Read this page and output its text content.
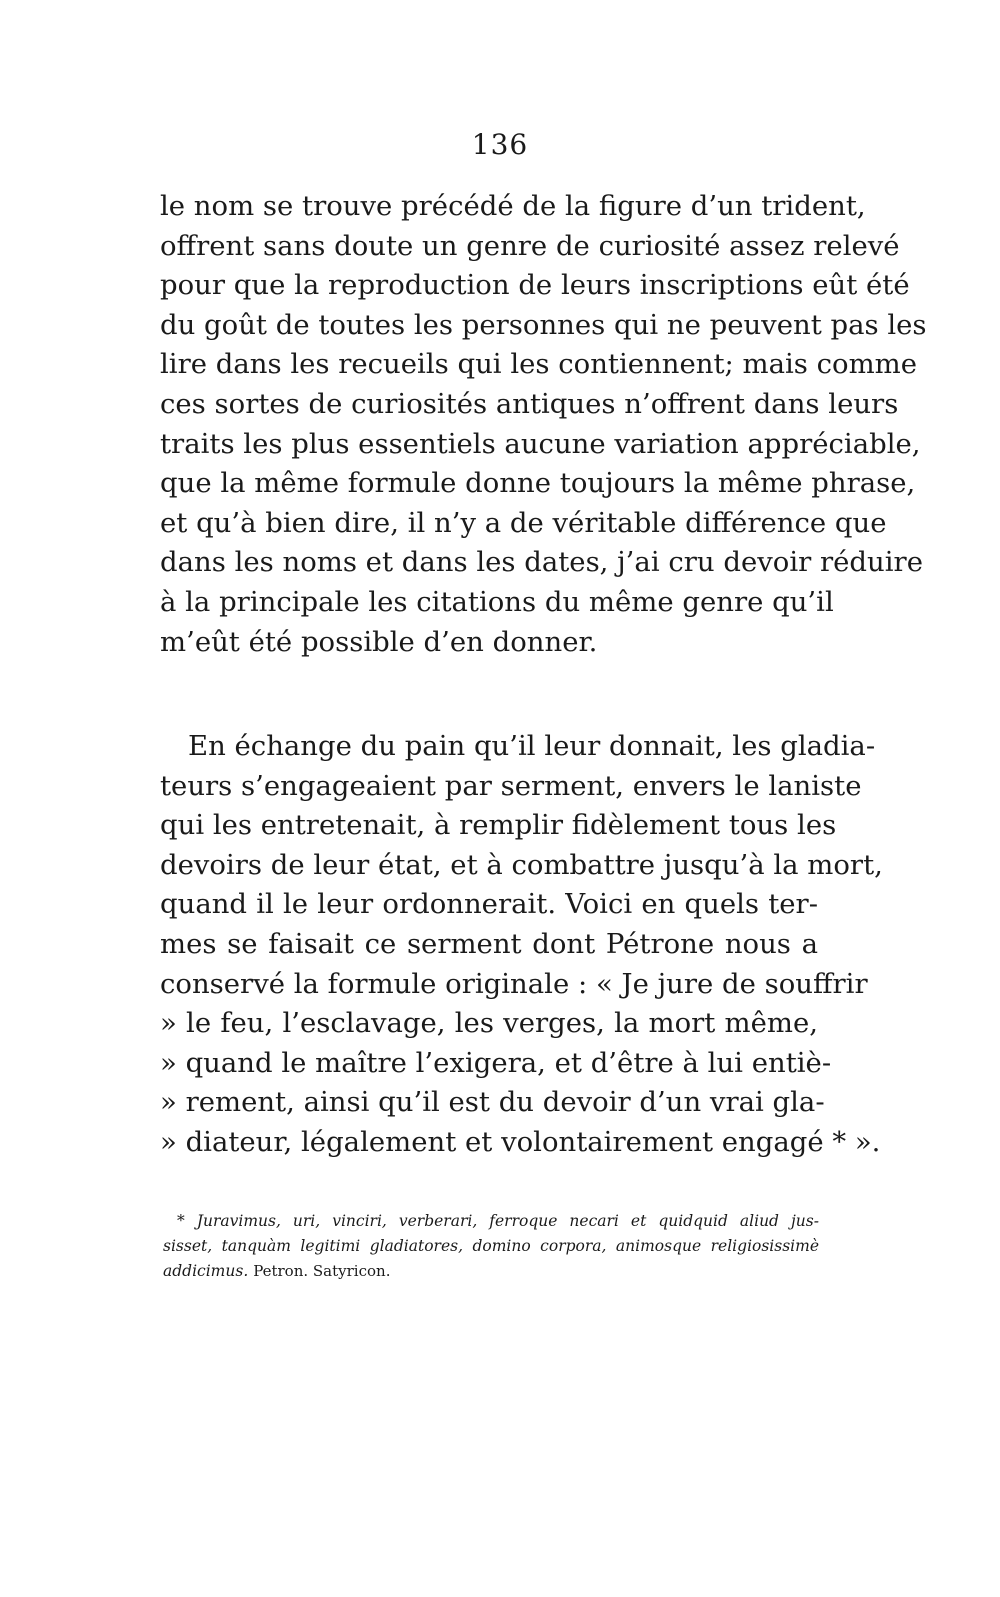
136
le nom se trouve précédé de la figure d’un trident,
offrent sans doute un genre de curiosité assez relevé
pour que la reproduction de leurs inscriptions eût été
du goût de toutes les personnes qui ne peuvent pas les
lire dans les recueils qui les contiennent; mais comme
ces sortes de curiosités antiques n’offrent dans leurs
traits les plus essentiels aucune variation appréciable,
que la même formule donne toujours la même phrase,
et qu’à bien dire, il n’y a de véritable différence que
dans les noms et dans les dates, j’ai cru devoir réduire
à la principale les citations du même genre qu’il
m’eût été possible d’en donner.
En échange du pain qu’il leur donnait, les gladia-
teurs s’engageaient par serment, envers le laniste
qui les entretenait, à remplir fidèlement tous les
devoirs de leur état, et à combattre jusqu’à la mort,
quand il le leur ordonnerait. Voici en quels ter-
mes se faisait ce serment dont Pétrone nous a
conservé la formule originale : « Je jure de souffrir
» le feu, l’esclavage, les verges, la mort même,
» quand le maître l’exigera, et d’être à lui entiè-
» rement, ainsi qu’il est du devoir d’un vrai gla-
» diateur, légalement et volontairement engagé * ».
* Juravimus, uri, vinciri, verberari, ferroque necari et quidquid aliud jus-
sisset, tanquàm legitimi gladiatores, domino corpora, animosque religiosissimè
addicimus. Petron. Satyricon.
